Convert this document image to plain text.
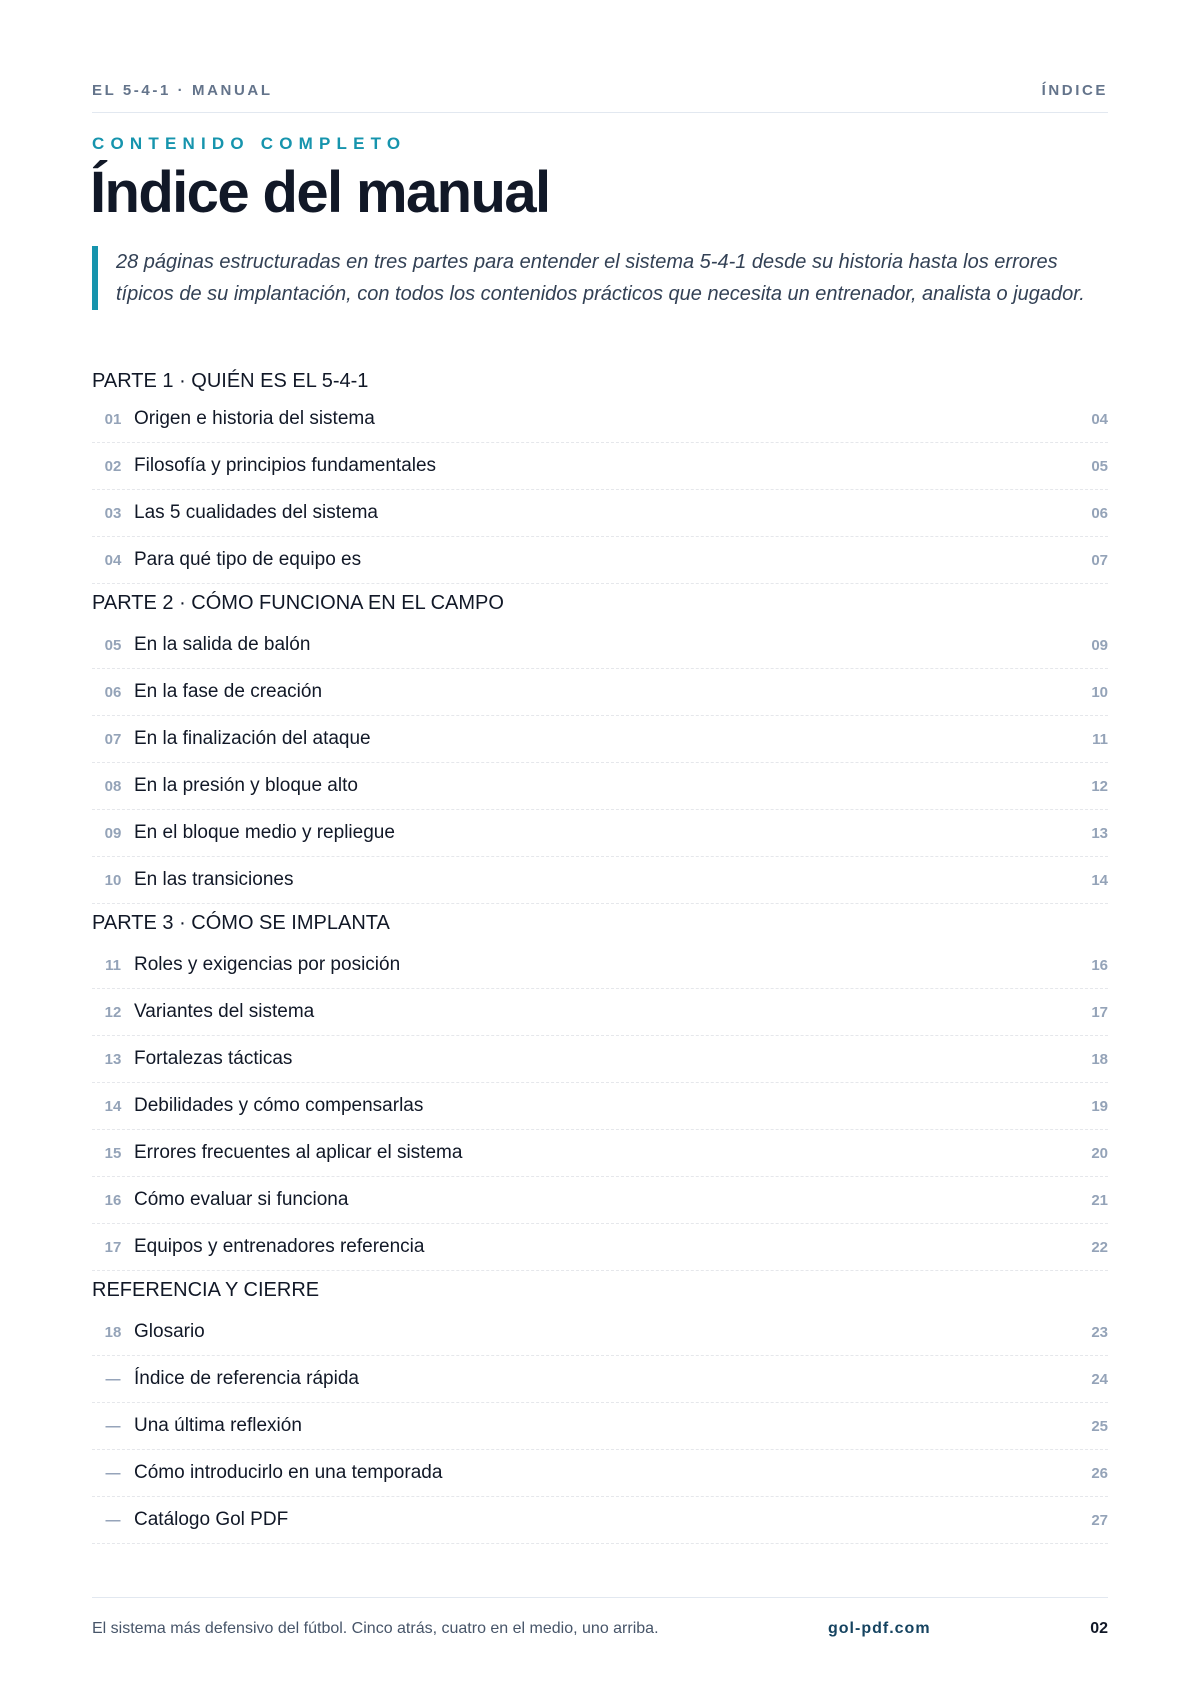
EL 5-4-1 · MANUAL	ÍNDICE
CONTENIDO COMPLETO
Índice del manual
28 páginas estructuradas en tres partes para entender el sistema 5-4-1 desde su historia hasta los errores típicos de su implantación, con todos los contenidos prácticos que necesita un entrenador, analista o jugador.
PARTE 1 · QUIÉN ES EL 5-4-1
01 Origen e historia del sistema	04
02 Filosofía y principios fundamentales	05
03 Las 5 cualidades del sistema	06
04 Para qué tipo de equipo es	07
PARTE 2 · CÓMO FUNCIONA EN EL CAMPO
05 En la salida de balón	09
06 En la fase de creación	10
07 En la finalización del ataque	11
08 En la presión y bloque alto	12
09 En el bloque medio y repliegue	13
10 En las transiciones	14
PARTE 3 · CÓMO SE IMPLANTA
11 Roles y exigencias por posición	16
12 Variantes del sistema	17
13 Fortalezas tácticas	18
14 Debilidades y cómo compensarlas	19
15 Errores frecuentes al aplicar el sistema	20
16 Cómo evaluar si funciona	21
17 Equipos y entrenadores referencia	22
REFERENCIA Y CIERRE
18 Glosario	23
— Índice de referencia rápida	24
— Una última reflexión	25
— Cómo introducirlo en una temporada	26
— Catálogo Gol PDF	27
El sistema más defensivo del fútbol. Cinco atrás, cuatro en el medio, uno arriba.	gol-pdf.com	02
